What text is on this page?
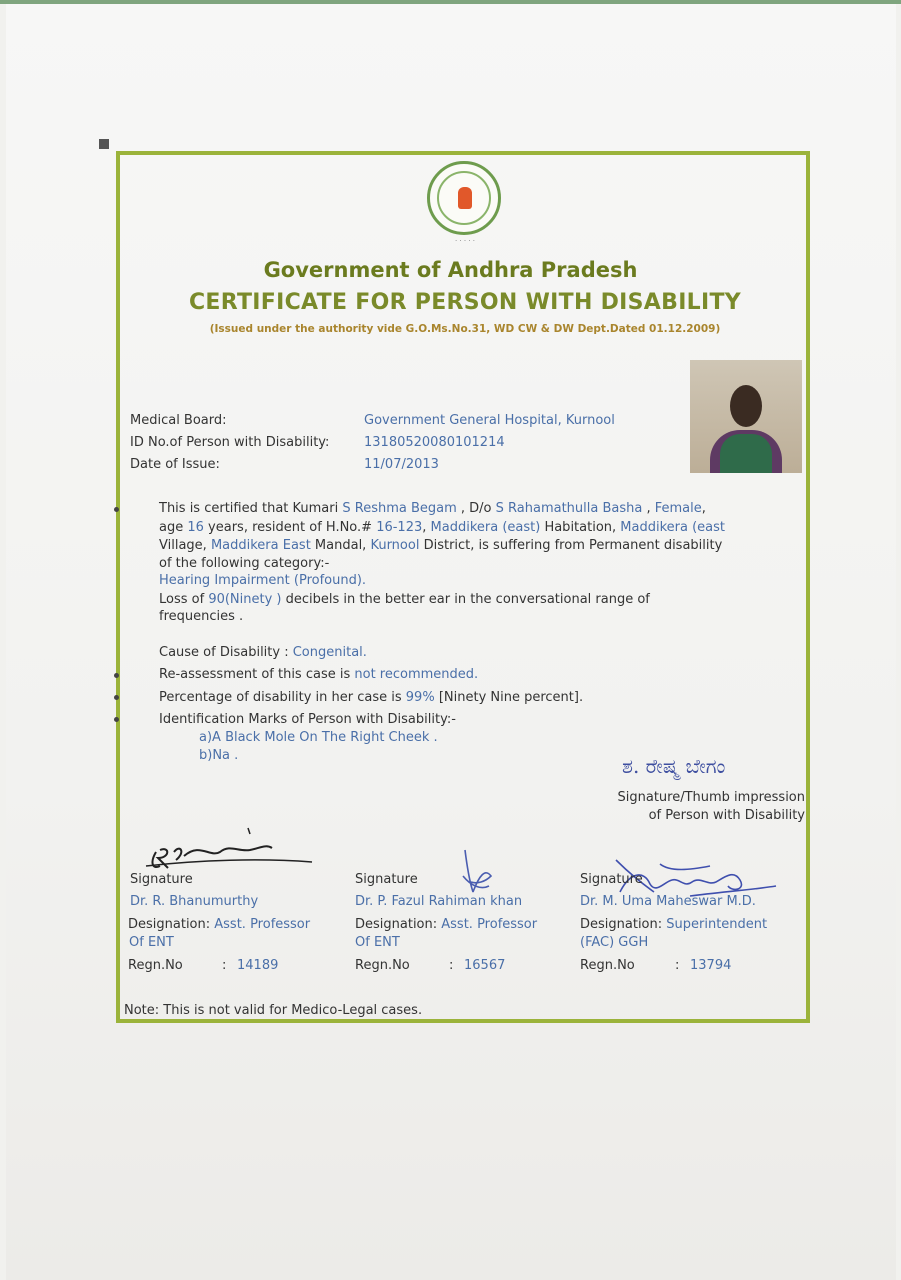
· · · · ·
Government of Andhra Pradesh
CERTIFICATE FOR PERSON WITH DISABILITY
(Issued under the authority vide G.O.Ms.No.31, WD CW & DW Dept.Dated 01.12.2009)
Medical Board:	Government General Hospital, Kurnool
ID No.of Person with Disability:	13180520080101214
Date of Issue:	11/07/2013
This is certified that Kumari S Reshma Begam , D/o S Rahamathulla Basha , Female,
age 16 years, resident of H.No.# 16-123, Maddikera (east) Habitation, Maddikera (east
Village, Maddikera East Mandal, Kurnool District, is suffering from Permanent disability
of the following category:-
Hearing Impairment (Profound).
Loss of 90(Ninety ) decibels in the better ear in the conversational range of
frequencies .
Cause of Disability : Congenital.
Re-assessment of this case is not recommended.
Percentage of disability in her case is 99% [Ninety Nine percent].
Identification Marks of Person with Disability:-
a)A Black Mole On The Right Cheek .
b)Na .	ಶ. ರೇಷ್ಮ ಬೇಗಂ
Signature/Thumb impression
of Person with Disability
Signature
Dr. R. Bhanumurthy
Designation: Asst. Professor
Of ENT
Regn.No	: 14189
Signature
Dr. P. Fazul Rahiman khan
Designation: Asst. Professor
Of ENT
Regn.No	: 16567
Signature
Dr. M. Uma Maheswar M.D.
Designation: Superintendent
(FAC) GGH
Regn.No	: 13794
Note: This is not valid for Medico-Legal cases.
